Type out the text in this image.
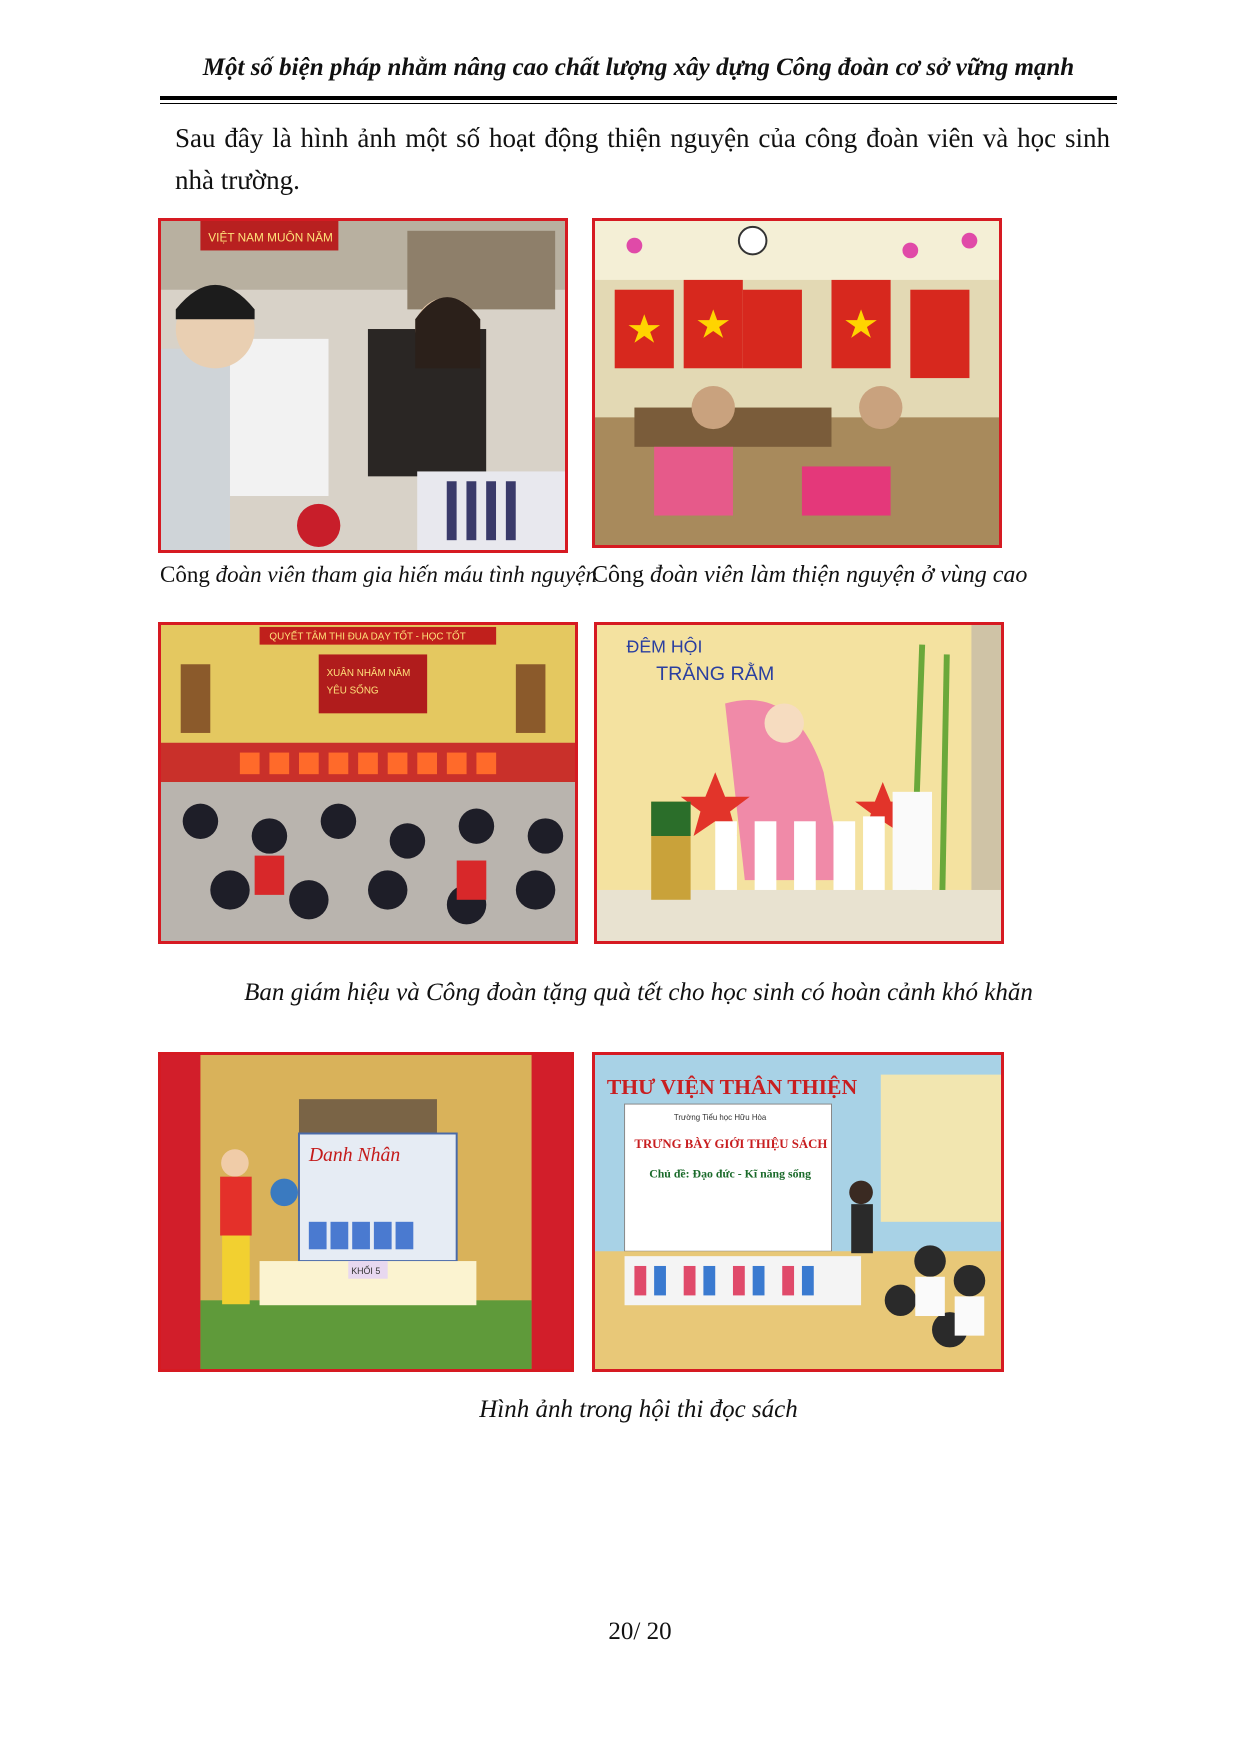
Một số biện pháp nhằm nâng cao chất lượng xây dựng Công đoàn cơ sở vững mạnh
Sau đây là hình ảnh một số hoạt động thiện nguyện của công đoàn viên và học sinh nhà trường.
VIỆT NAM MUÔN NĂM
Công đoàn viên tham gia hiến máu tình nguyện
Công đoàn viên làm thiện nguyện ở vùng cao
QUYẾT TÂM THI ĐUA DẠY TỐT - HỌC TỐT
XUÂN NHÂM NĂM
YÊU SỐNG
ĐÊM HỘI
TRĂNG RẰM
Ban giám hiệu và Công đoàn tặng quà tết cho học sinh có hoàn cảnh khó khăn
Danh Nhân
KHỐI 5
THƯ VIỆN THÂN THIỆN
Trường Tiểu học Hữu Hòa
TRƯNG BÀY GIỚI THIỆU SÁCH
Chủ đề: Đạo đức - Kĩ năng sống
Hình ảnh trong hội thi đọc sách
20/ 20
